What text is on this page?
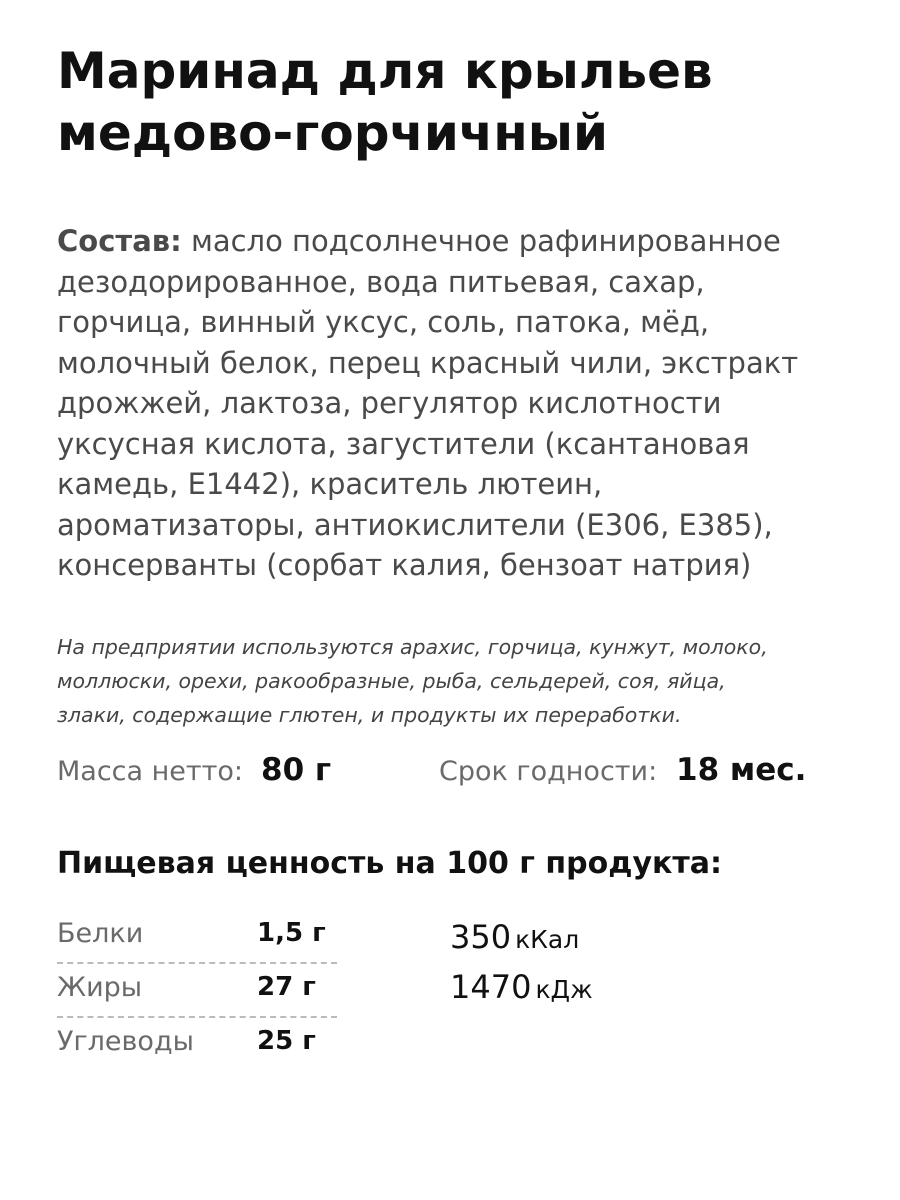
Маринад для крыльев
медово-горчичный
Состав: масло подсолнечное рафинированное
дезодорированное, вода питьевая, сахар,
горчица, винный уксус, соль, патока, мёд,
молочный белок, перец красный чили, экстракт
дрожжей, лактоза, регулятор кислотности
уксусная кислота, загустители (ксантановая
камедь, Е1442), краситель лютеин,
ароматизаторы, антиокислители (Е306, Е385),
консерванты (сорбат калия, бензоат натрия)
На предприятии используются арахис, горчица, кунжут, молоко,
моллюски, орехи, ракообразные, рыба, сельдерей, соя, яйца,
злаки, содержащие глютен, и продукты их переработки.
Масса нетто: 80 г	Срок годности: 18 мес.
Пищевая ценность на 100 г продукта:
Белки	1,5 г
Жиры	27 г
Углеводы 25 г
350 кКал
1470 кДж
